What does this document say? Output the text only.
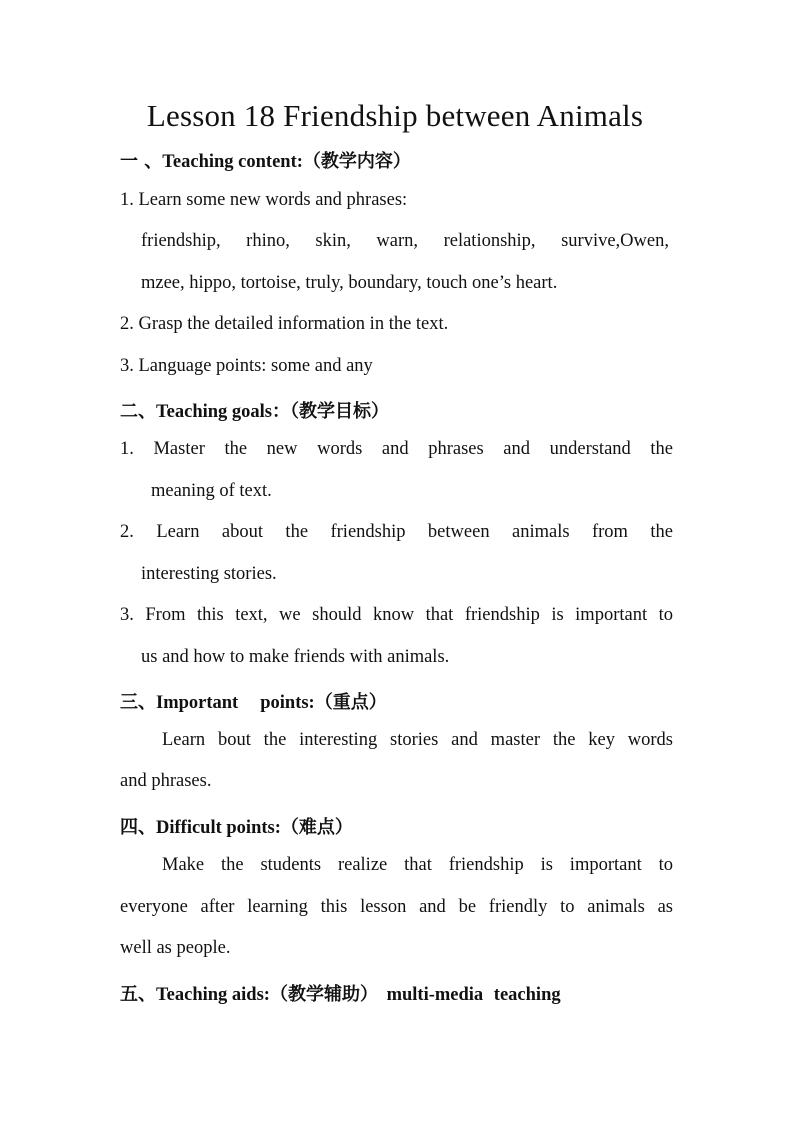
Lesson 18 Friendship between Animals
一 、Teaching content:（教学内容）
1. Learn some new words and phrases:
friendship, rhino, skin, warn, relationship, survive,Owen,
mzee, hippo, tortoise, truly, boundary, touch one’s heart.
2. Grasp the detailed information in the text.
3. Language points: some and any
二、Teaching goals：（教学目标）
1. Master the new words and phrases and understand the
meaning of text.
2. Learn about the friendship between animals from the
interesting stories.
3. From this text, we should know that friendship is important to
us and how to make friends with animals.
三、Important points:（重点）
Learn bout the interesting stories and master the key words
and phrases.
四、Difficult points:（难点）
Make the students realize that friendship is important to
everyone after learning this lesson and be friendly to animals as
well as people.
五、Teaching aids:（教学辅助） multi-media teaching
